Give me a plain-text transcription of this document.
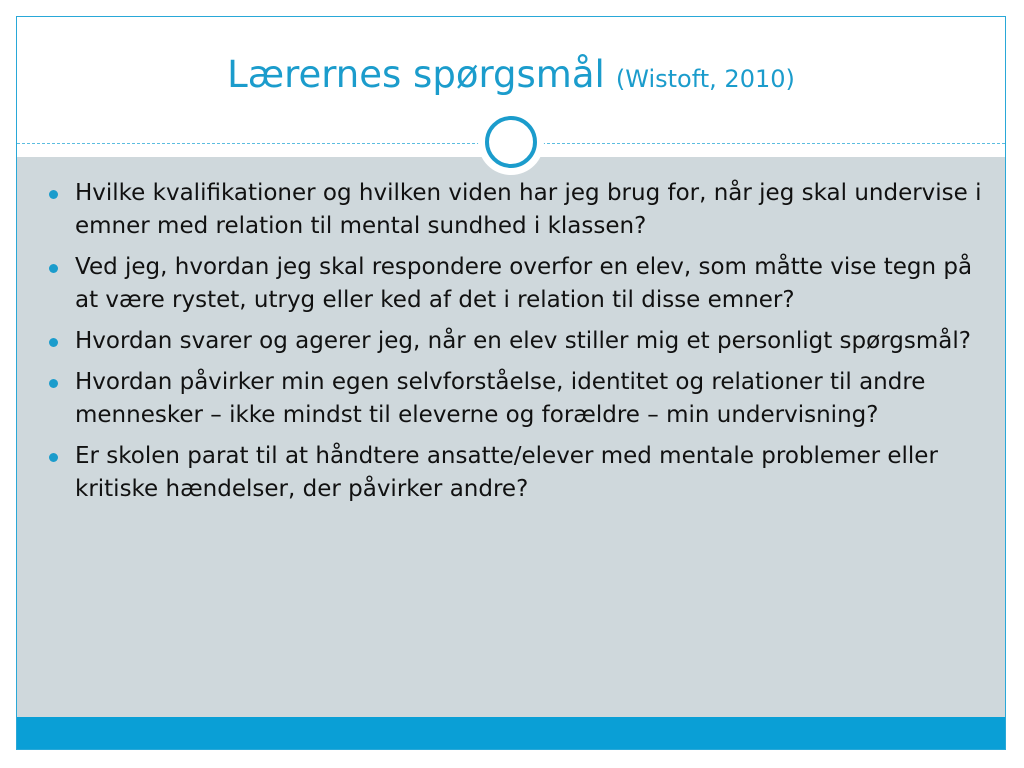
Lærernes spørgsmål (Wistoft, 2010)
Hvilke kvalifikationer og hvilken viden har jeg brug for, når jeg skal undervise i emner med relation til mental sundhed i klassen?
Ved jeg, hvordan jeg skal respondere overfor en elev, som måtte vise tegn på at være rystet, utryg eller ked af det i relation til disse emner?
Hvordan svarer og agerer jeg, når en elev stiller mig et personligt spørgsmål?
Hvordan påvirker min egen selvforståelse, identitet og relationer til andre mennesker – ikke mindst til eleverne og forældre – min undervisning?
Er skolen parat til at håndtere ansatte/elever med mentale problemer eller kritiske hændelser, der påvirker andre?
